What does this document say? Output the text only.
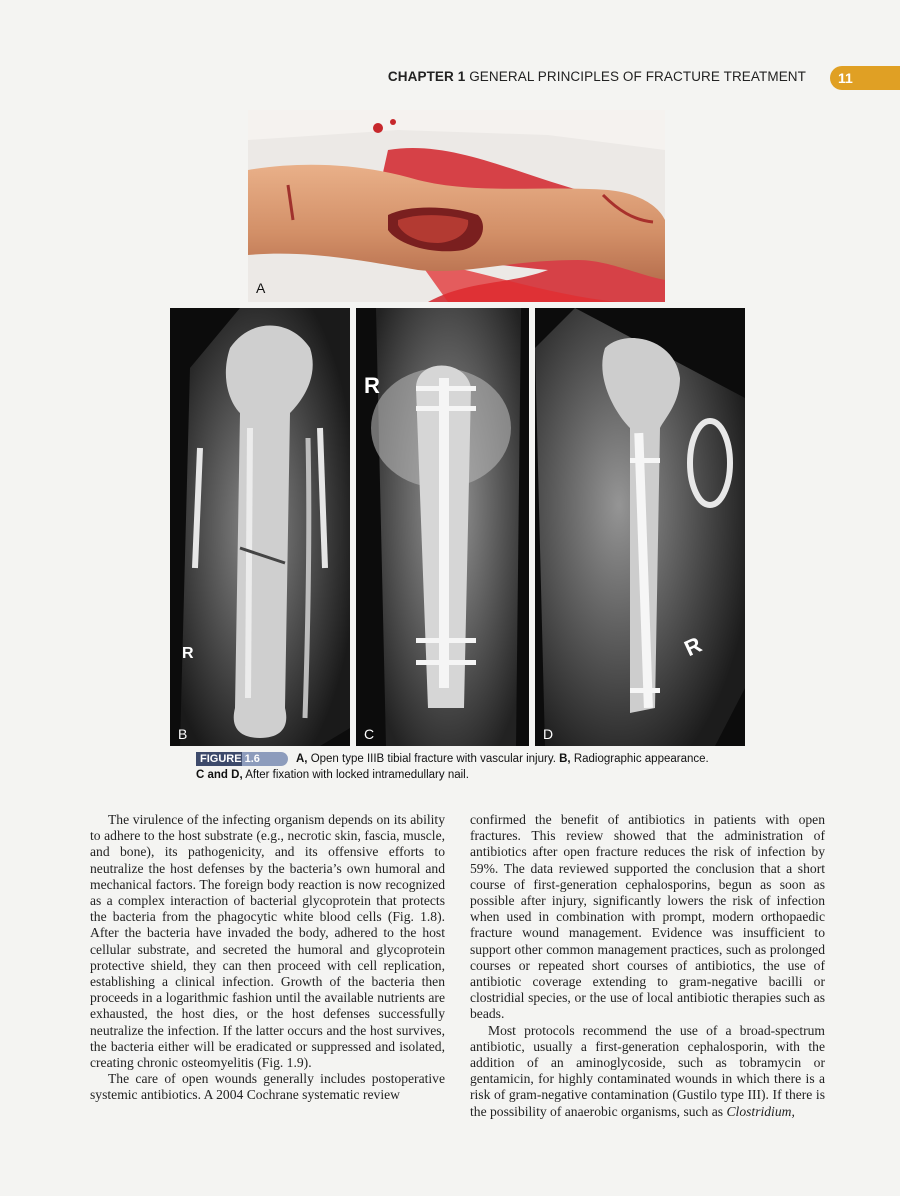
CHAPTER 1 GENERAL PRINCIPLES OF FRACTURE TREATMENT	11
A
R
B
R
C
R
D
FIGURE 1.6	A, Open type IIIB tibial fracture with vascular injury. B, Radiographic appearance.
C and D, After fixation with locked intramedullary nail.

The virulence of the infecting organism depends on its ability to adhere to the host substrate (e.g., necrotic skin, fascia, muscle, and bone), its pathogenicity, and its offensive efforts to neutralize the host defenses by the bacteria’s own humoral and mechanical factors. The foreign body reaction is now recognized as a complex interaction of bacterial glycoprotein that protects the bacteria from the phagocytic white blood cells (Fig. 1.8). After the bacteria have invaded the body, adhered to the host cellular substrate, and secreted the humoral and glycoprotein protective shield, they can then proceed with cell replication, establishing a clinical infection. Growth of the bacteria then proceeds in a logarithmic fashion until the available nutrients are exhausted, the host dies, or the host defenses successfully neutralize the infection. If the latter occurs and the host survives, the bacteria either will be eradicated or suppressed and isolated, creating chronic osteomyelitis (Fig. 1.9).

The care of open wounds generally includes postoperative systemic antibiotics. A 2004 Cochrane systematic review

confirmed the benefit of antibiotics in patients with open fractures. This review showed that the administration of antibiotics after open fracture reduces the risk of infection by 59%. The data reviewed supported the conclusion that a short course of first-generation cephalosporins, begun as soon as possible after injury, significantly lowers the risk of infection when used in combination with prompt, modern orthopaedic fracture wound management. Evidence was insufficient to support other common management practices, such as prolonged courses or repeated short courses of antibiotics, the use of antibiotic coverage extending to gram-negative bacilli or clostridial species, or the use of local antibiotic therapies such as beads.

Most protocols recommend the use of a broad-spectrum antibiotic, usually a first-generation cephalosporin, with the addition of an aminoglycoside, such as tobramycin or gentamicin, for highly contaminated wounds in which there is a risk of gram-negative contamination (Gustilo type III). If there is the possibility of anaerobic organisms, such as Clostridium,
